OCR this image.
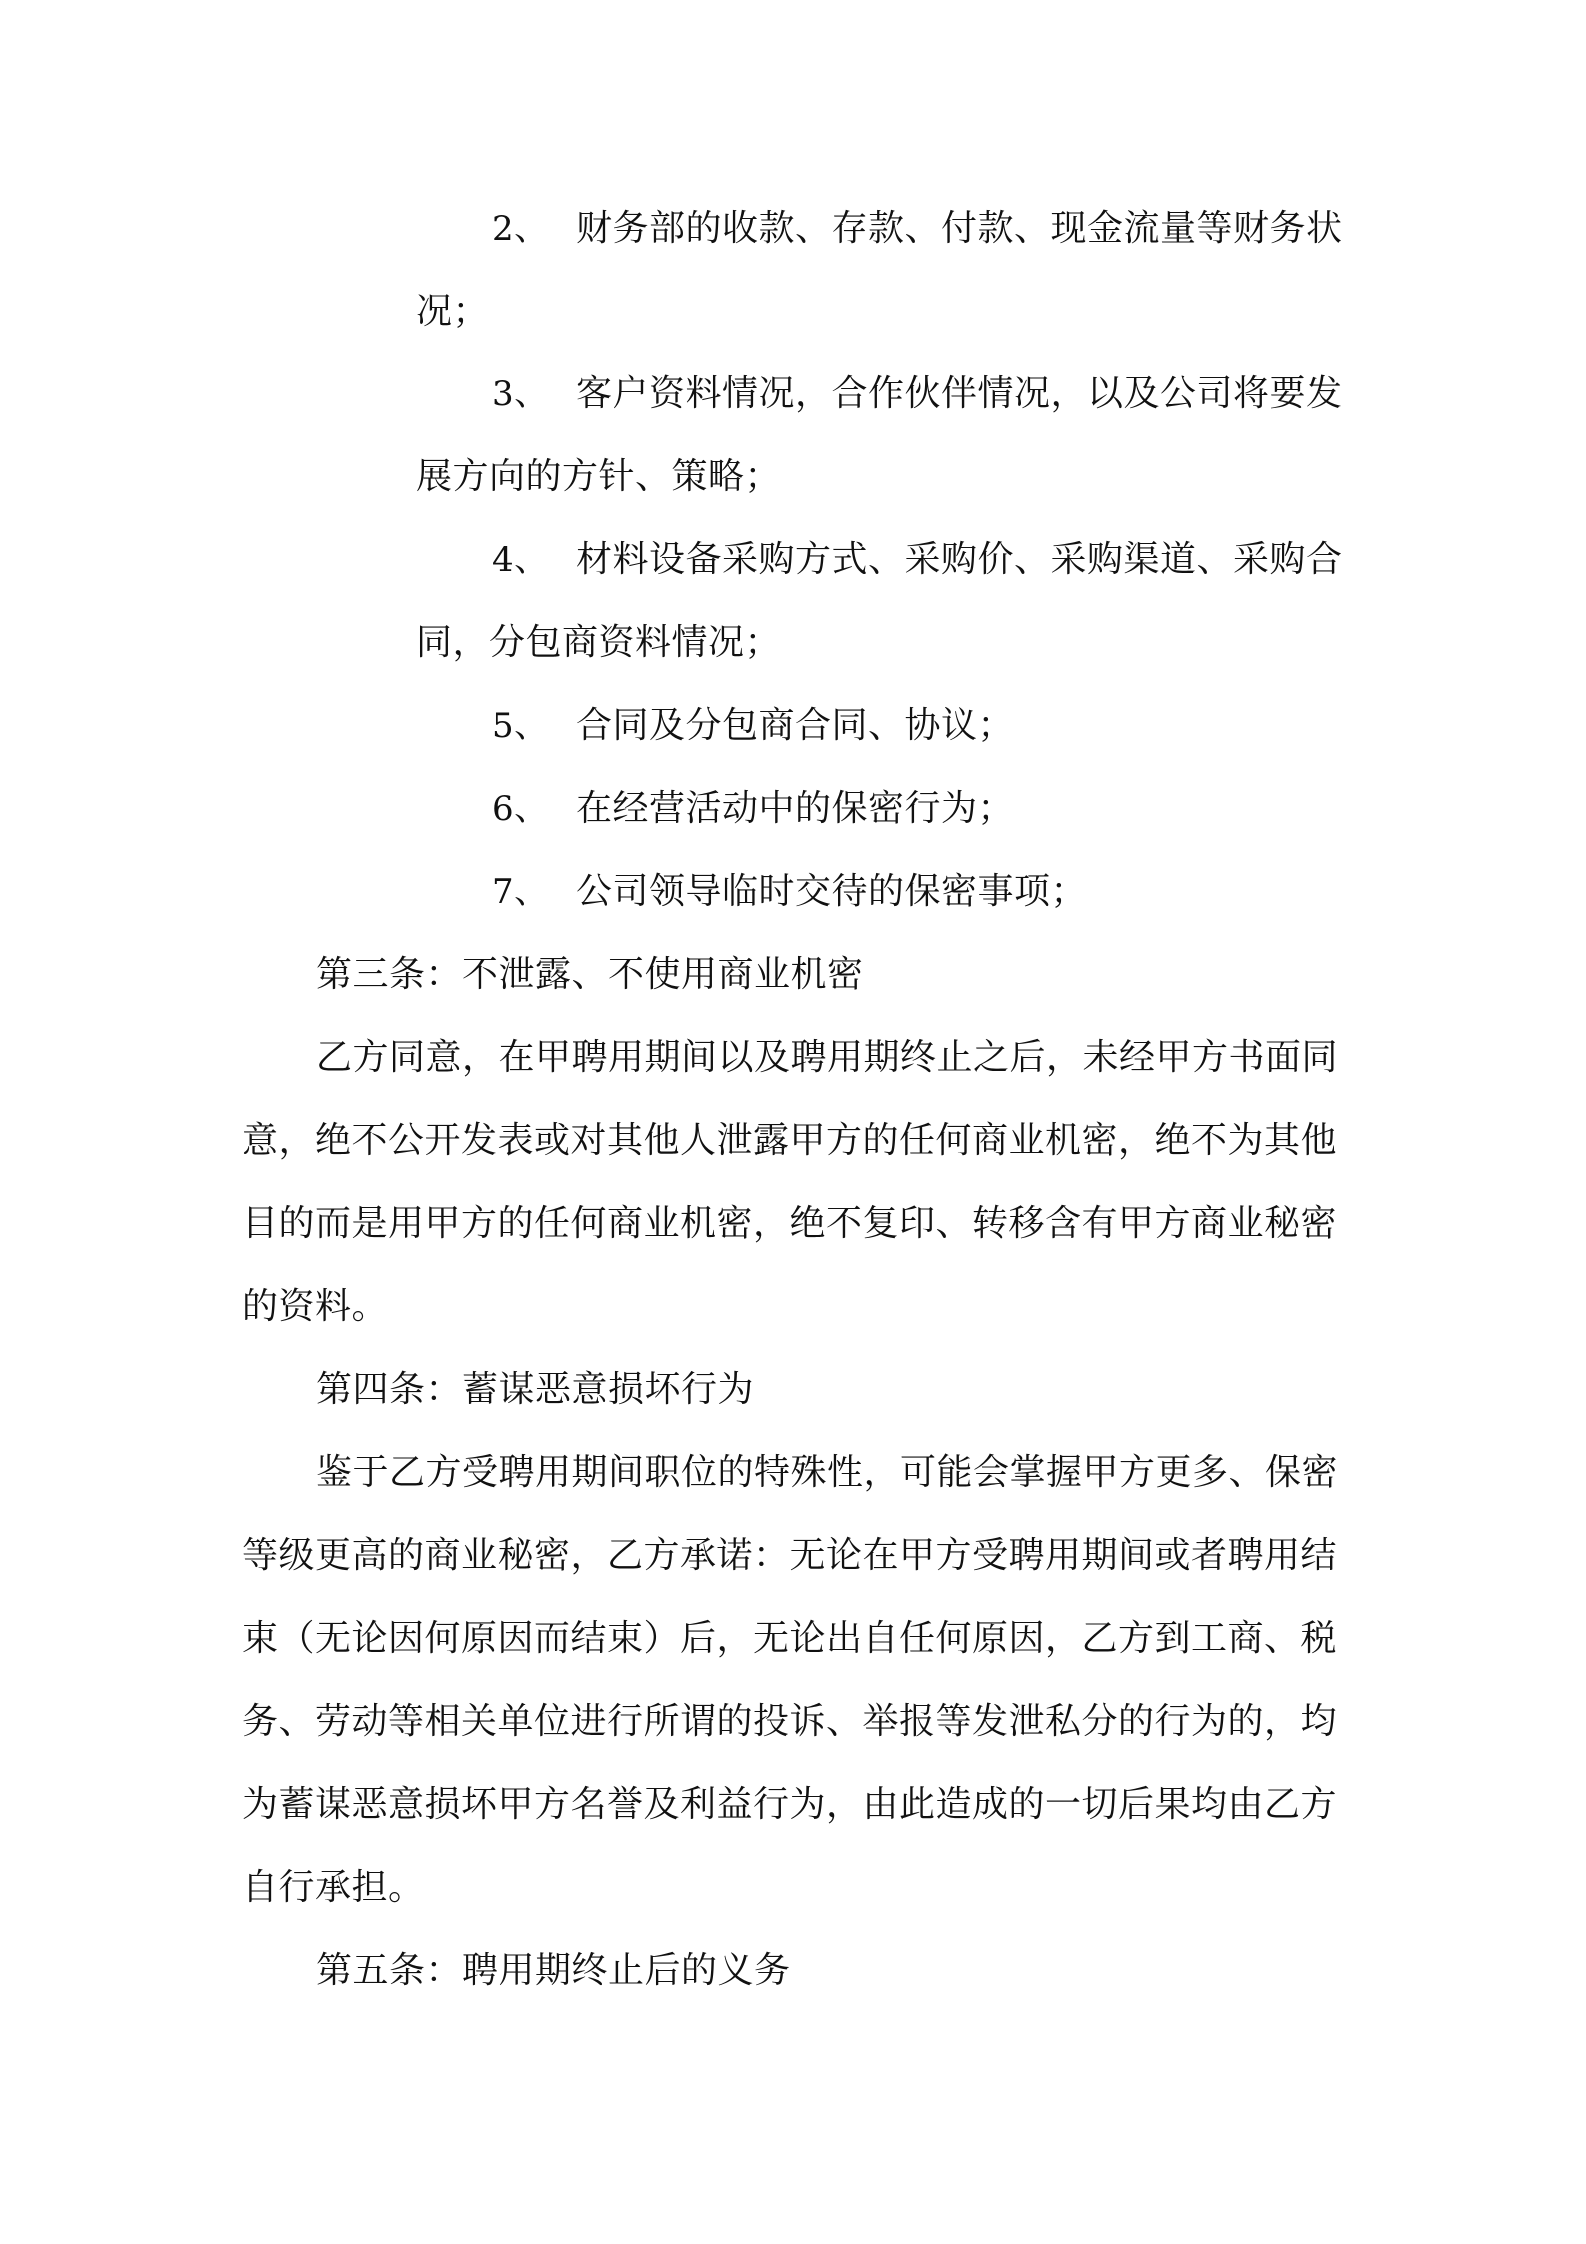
2、 财务部的收款、存款、付款、现金流量等财务状
况；
3、 客户资料情况，合作伙伴情况，以及公司将要发
展方向的方针、策略；
4、 材料设备采购方式、采购价、采购渠道、采购合
同，分包商资料情况；
5、 合同及分包商合同、协议；
6、 在经营活动中的保密行为；
7、 公司领导临时交待的保密事项；
第三条：不泄露、不使用商业机密
乙方同意，在甲聘用期间以及聘用期终止之后，未经甲方书面同
意，绝不公开发表或对其他人泄露甲方的任何商业机密，绝不为其他
目的而是用甲方的任何商业机密，绝不复印、转移含有甲方商业秘密
的资料。
第四条：蓄谋恶意损坏行为
鉴于乙方受聘用期间职位的特殊性，可能会掌握甲方更多、保密
等级更高的商业秘密，乙方承诺：无论在甲方受聘用期间或者聘用结
束（无论因何原因而结束）后，无论出自任何原因，乙方到工商、税
务、劳动等相关单位进行所谓的投诉、举报等发泄私分的行为的，均
为蓄谋恶意损坏甲方名誉及利益行为，由此造成的一切后果均由乙方
自行承担。
第五条：聘用期终止后的义务
